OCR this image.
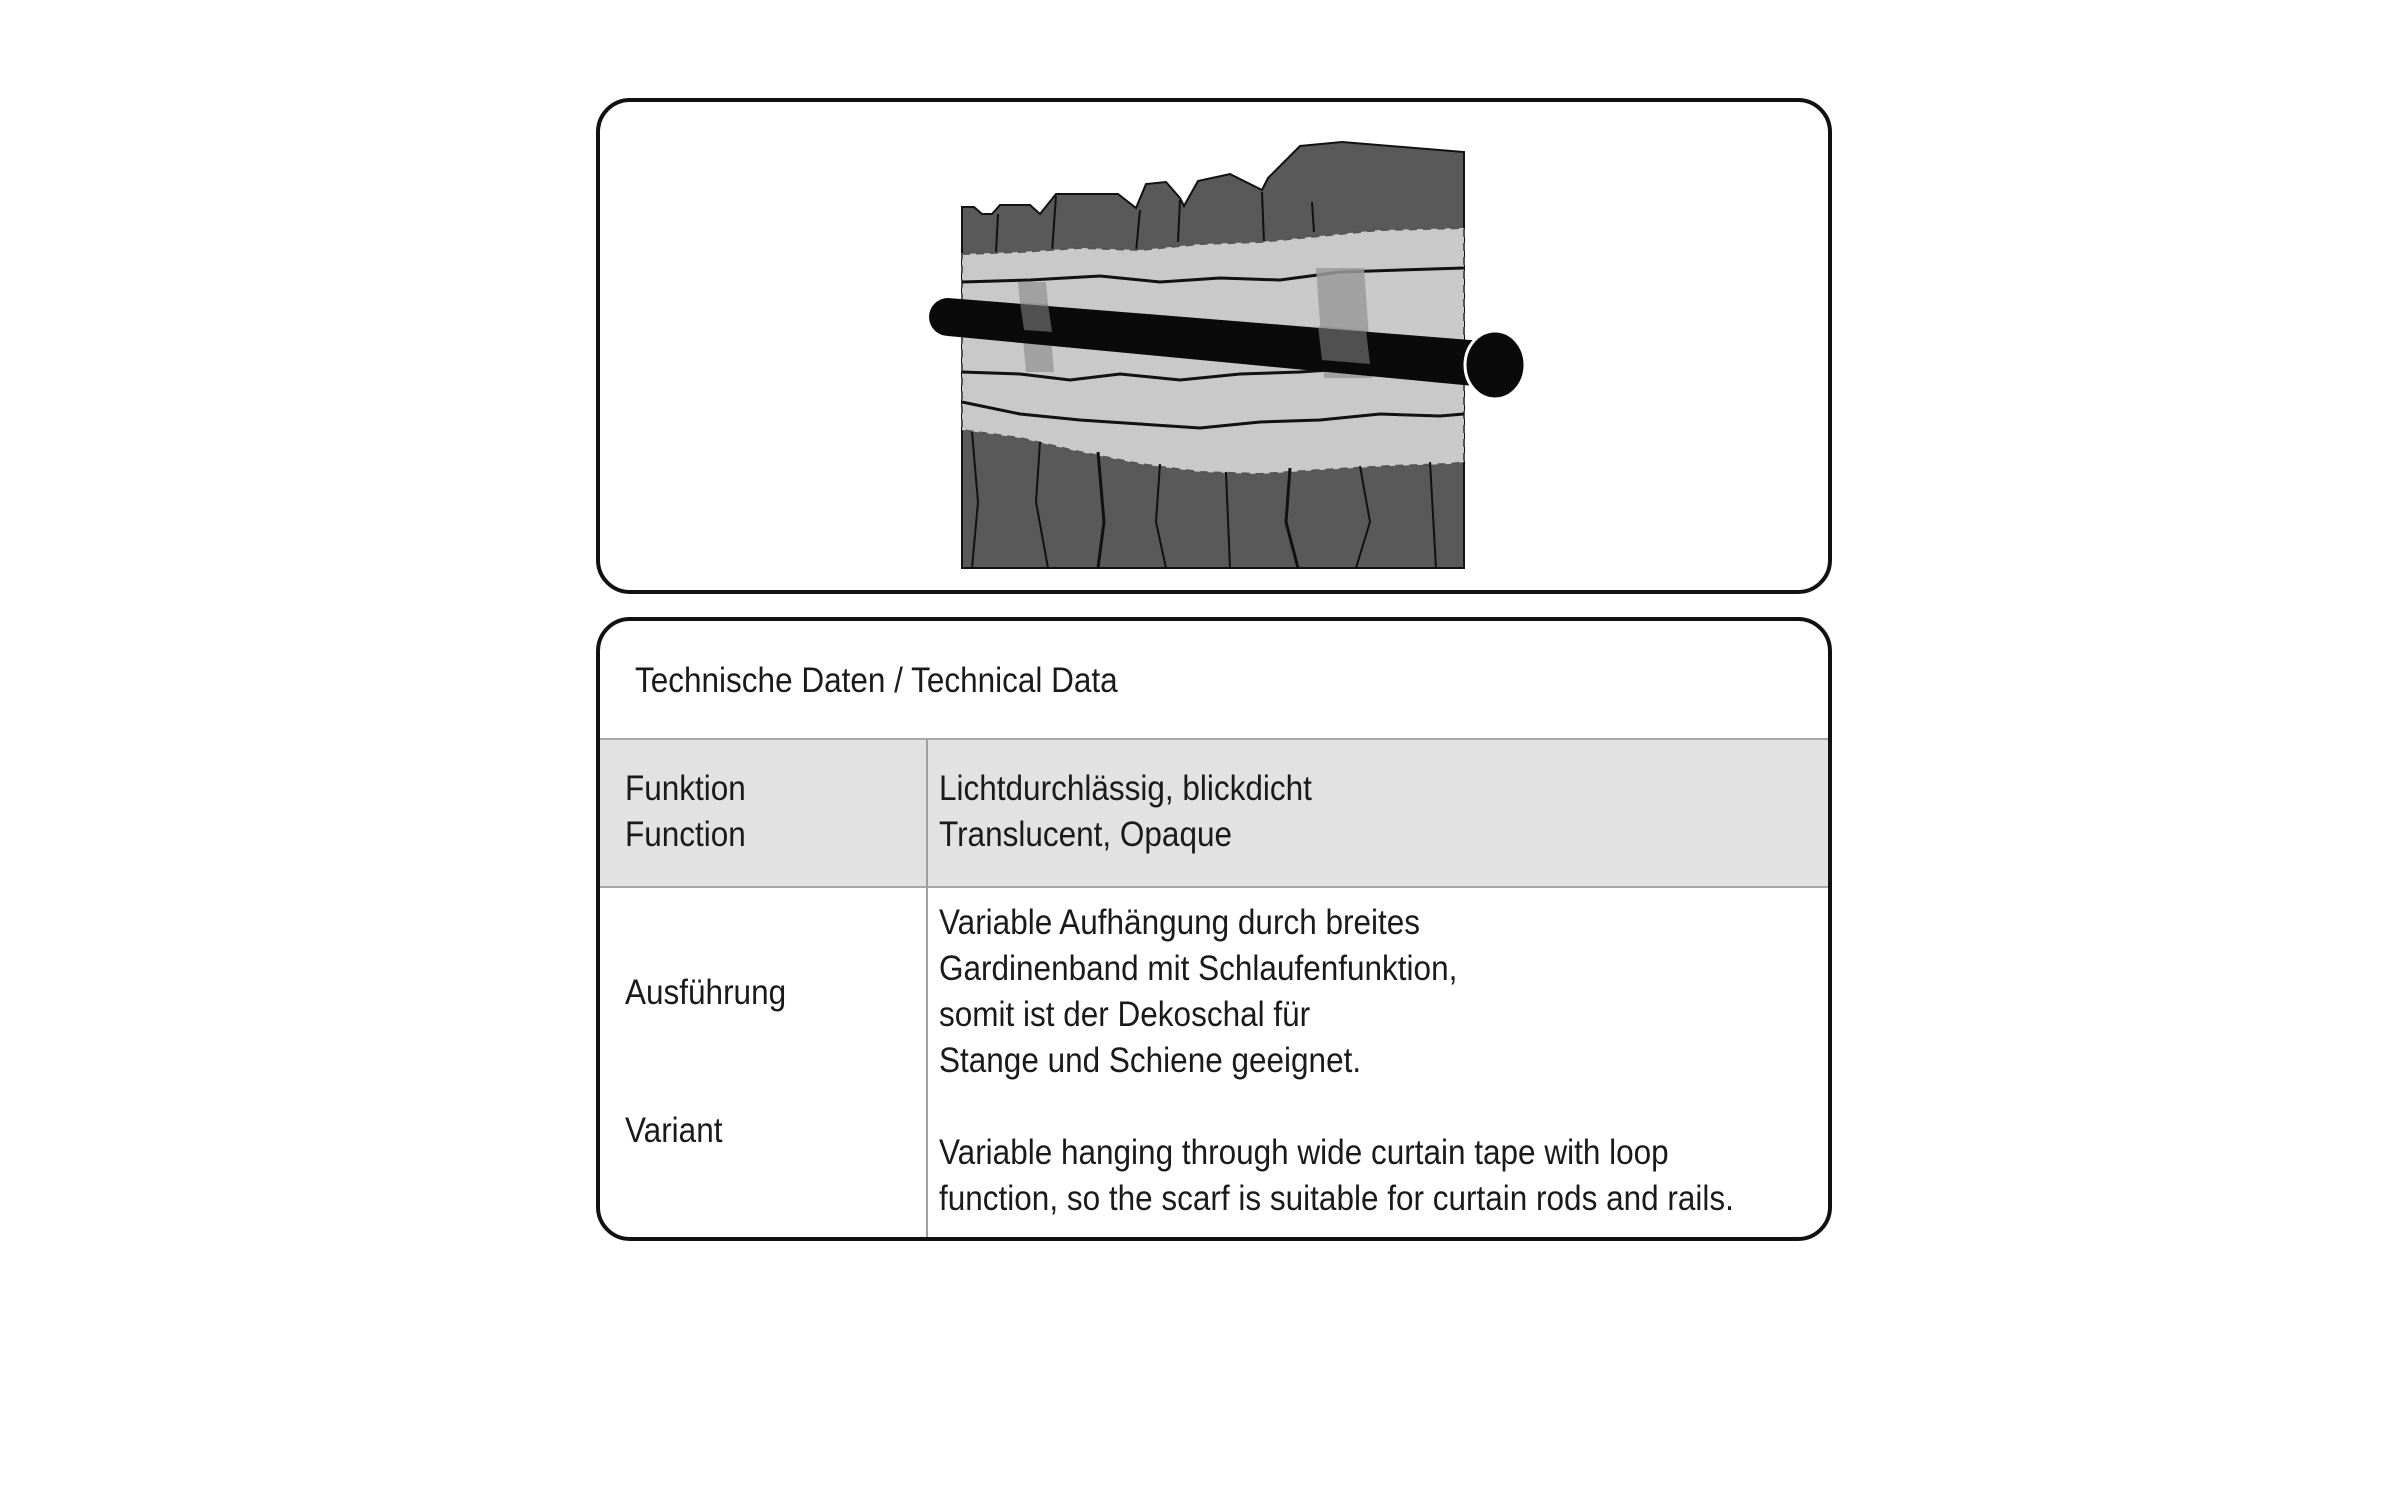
Technische Daten / Technical Data
Funktion
Function
Lichtdurchlässig, blickdicht
Translucent, Opaque
Ausführung
Variant
Variable Aufhängung durch breites
Gardinenband mit Schlaufenfunktion,
somit ist der Dekoschal für
Stange und Schiene geeignet.
Variable hanging through wide curtain tape with loop
function, so the scarf is suitable for curtain rods and rails.
